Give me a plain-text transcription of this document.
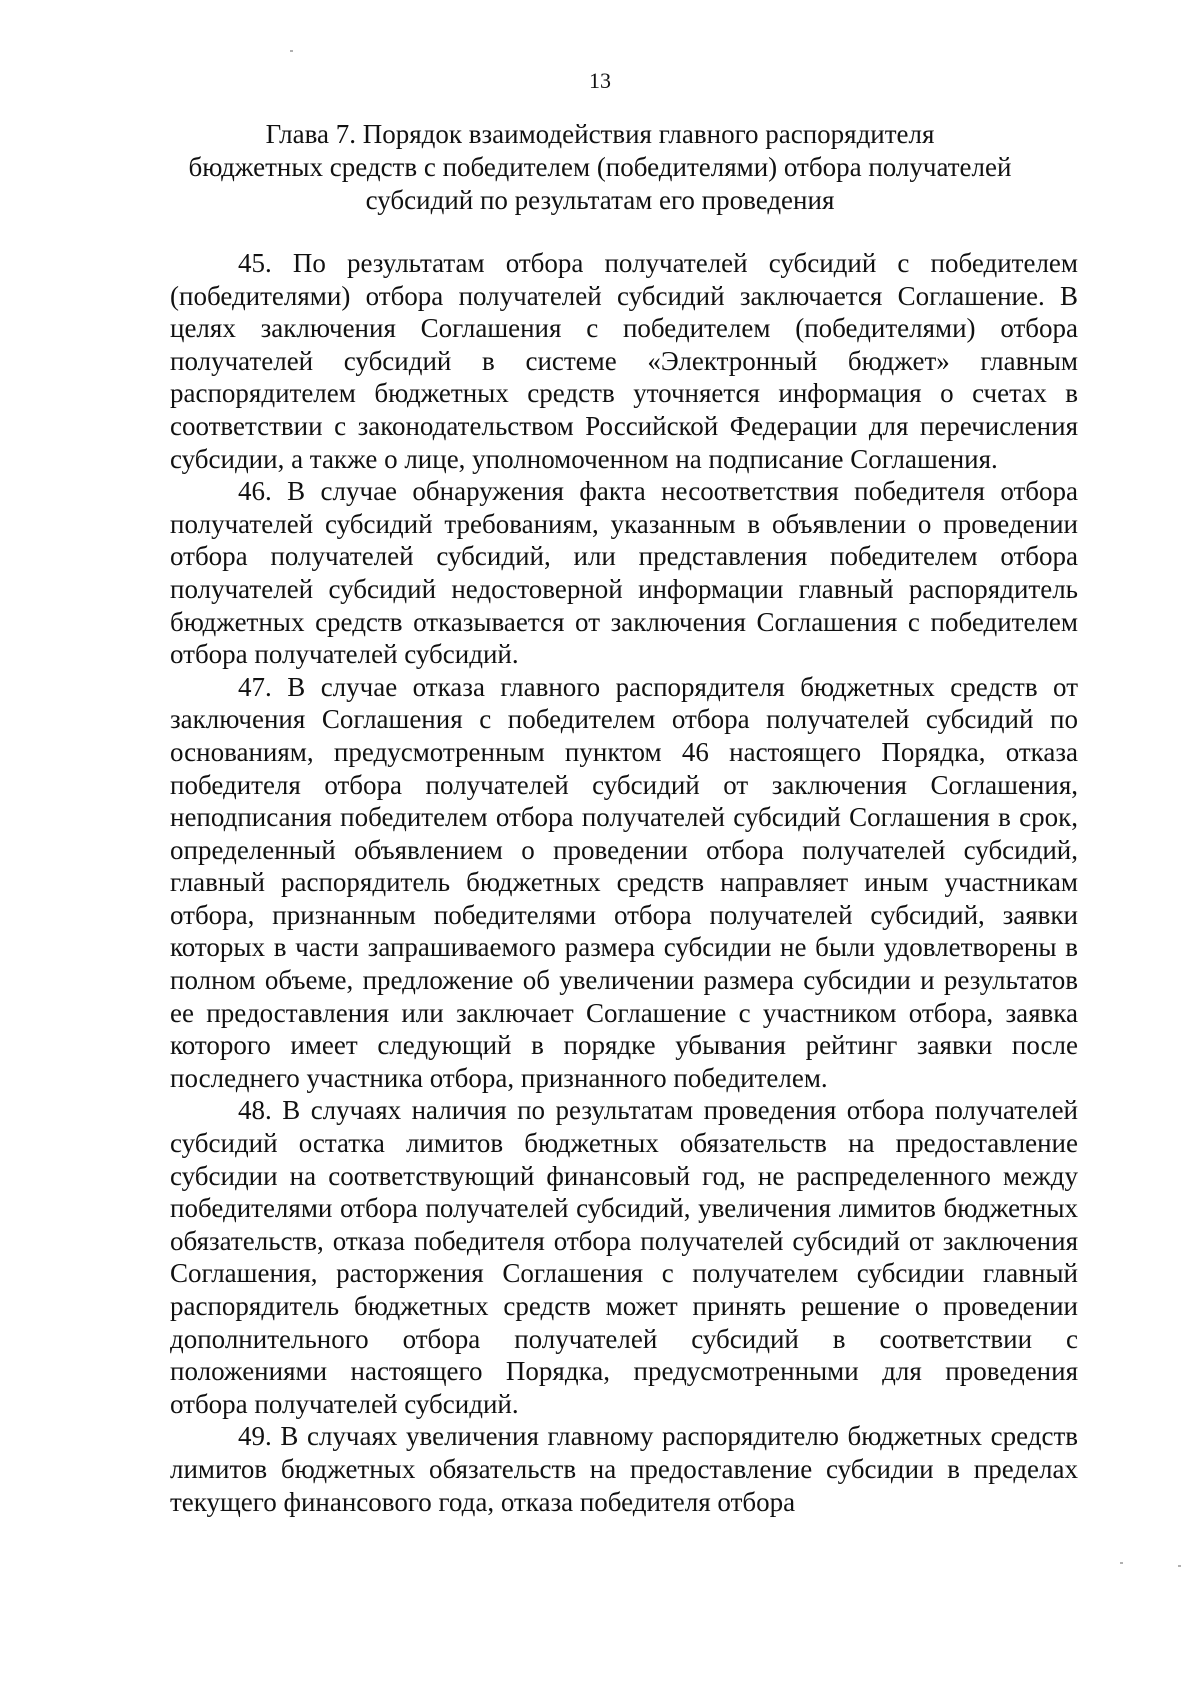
13
Глава 7. Порядок взаимодействия главного распорядителя
бюджетных средств с победителем (победителями) отбора получателей
субсидий по результатам его проведения

45. По результатам отбора получателей субсидий с победителем (победителями) отбора получателей субсидий заключается Соглашение. В целях заключения Соглашения с победителем (победителями) отбора получателей субсидий в системе «Электронный бюджет» главным распорядителем бюджетных средств уточняется информация о счетах в соответствии с законодательством Российской Федерации для перечисления субсидии, а также о лице, уполномоченном на подписание Соглашения.

46. В случае обнаружения факта несоответствия победителя отбора получателей субсидий требованиям, указанным в объявлении о проведении отбора получателей субсидий, или представления победителем отбора получателей субсидий недостоверной информации главный распорядитель бюджетных средств отказывается от заключения Соглашения с победителем отбора получателей субсидий.

47. В случае отказа главного распорядителя бюджетных средств от заключения Соглашения с победителем отбора получателей субсидий по основаниям, предусмотренным пунктом 46 настоящего Порядка, отказа победителя отбора получателей субсидий от заключения Соглашения, неподписания победителем отбора получателей субсидий Соглашения в срок, определенный объявлением о проведении отбора получателей субсидий, главный распорядитель бюджетных средств направляет иным участникам отбора, признанным победителями отбора получателей субсидий, заявки которых в части запрашиваемого размера субсидии не были удовлетворены в полном объеме, предложение об увеличении размера субсидии и результатов ее предоставления или заключает Соглашение с участником отбора, заявка которого имеет следующий в порядке убывания рейтинг заявки после последнего участника отбора, признанного победителем.

48. В случаях наличия по результатам проведения отбора получателей субсидий остатка лимитов бюджетных обязательств на предоставление субсидии на соответствующий финансовый год, не распределенного между победителями отбора получателей субсидий, увеличения лимитов бюджетных обязательств, отказа победителя отбора получателей субсидий от заключения Соглашения, расторжения Соглашения с получателем субсидии главный распорядитель бюджетных средств может принять решение о проведении дополнительного отбора получателей субсидий в соответствии с положениями настоящего Порядка, предусмотренными для проведения отбора получателей субсидий.

49. В случаях увеличения главному распорядителю бюджетных средств лимитов бюджетных обязательств на предоставление субсидии в пределах текущего финансового года, отказа победителя отбора
